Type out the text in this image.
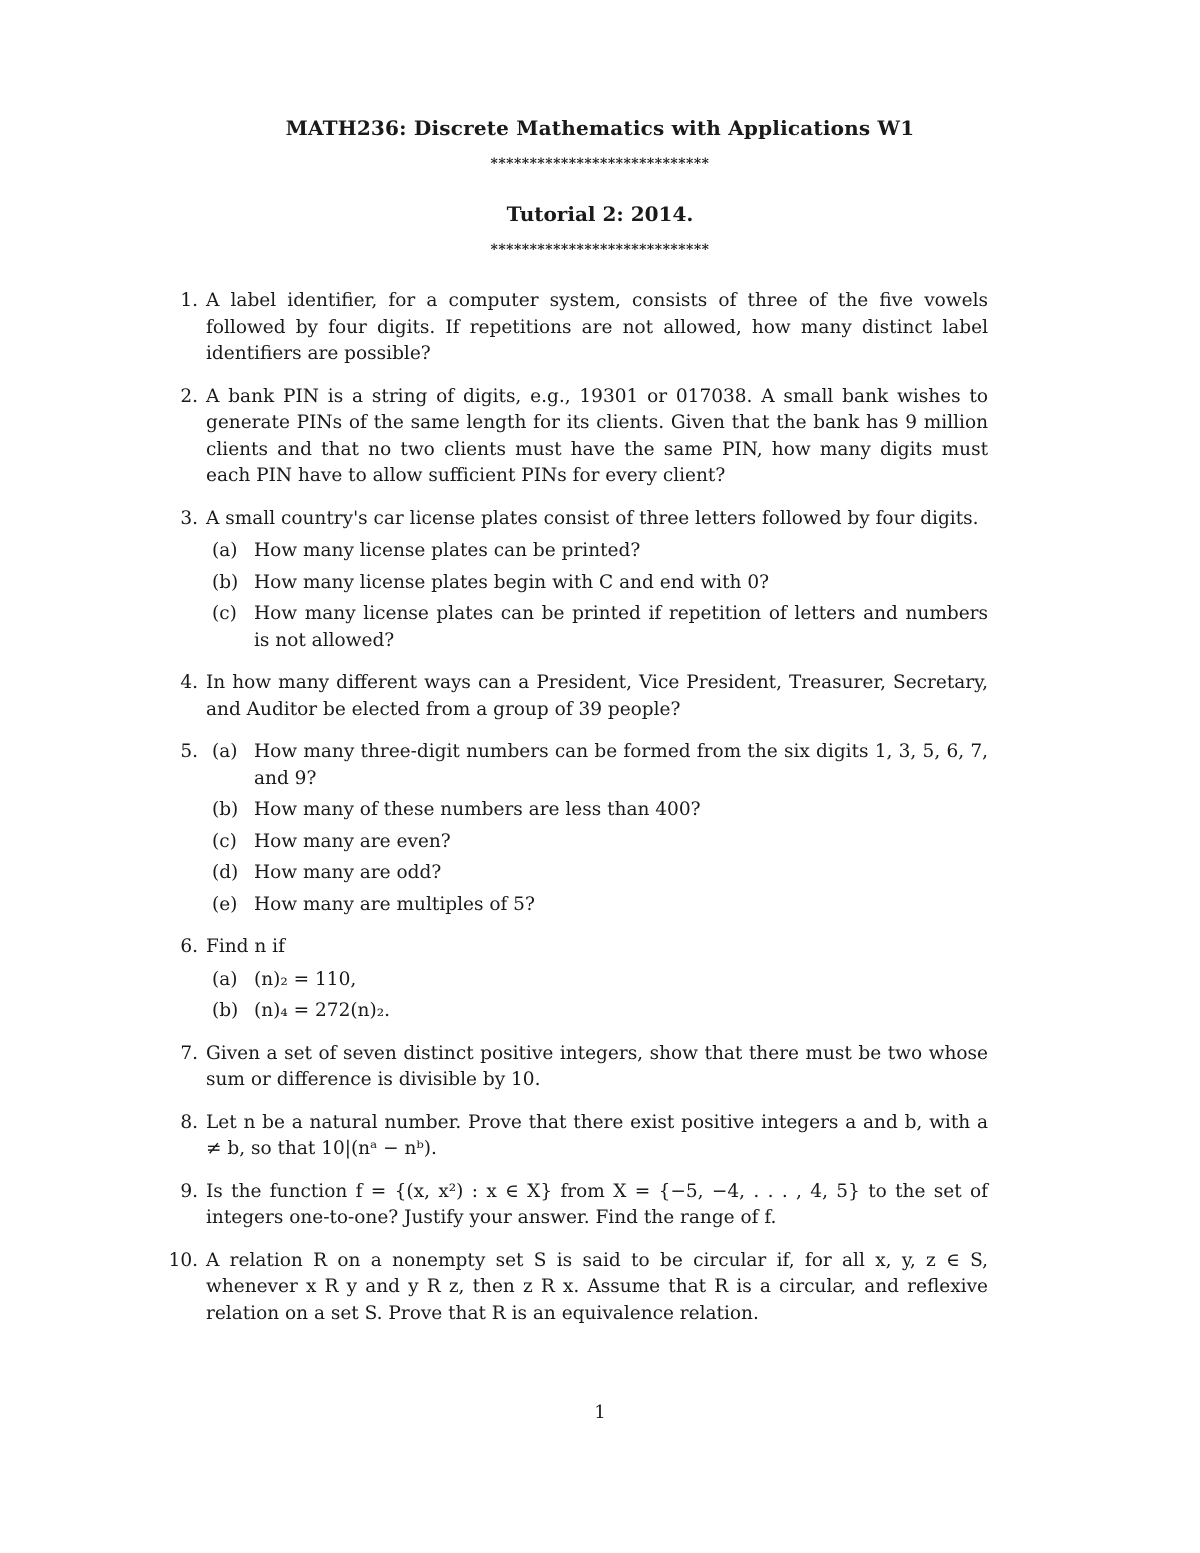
MATH236: Discrete Mathematics with Applications W1
****************************
Tutorial 2: 2014.
****************************
1. A label identifier, for a computer system, consists of three of the five vowels followed by four digits. If repetitions are not allowed, how many distinct label identifiers are possible?
2. A bank PIN is a string of digits, e.g., 19301 or 017038. A small bank wishes to generate PINs of the same length for its clients. Given that the bank has 9 million clients and that no two clients must have the same PIN, how many digits must each PIN have to allow sufficient PINs for every client?
3. A small country's car license plates consist of three letters followed by four digits.
(a) How many license plates can be printed?
(b) How many license plates begin with C and end with 0?
(c) How many license plates can be printed if repetition of letters and numbers is not allowed?
4. In how many different ways can a President, Vice President, Treasurer, Secretary, and Auditor be elected from a group of 39 people?
5. (a) How many three-digit numbers can be formed from the six digits 1, 3, 5, 6, 7, and 9?
(b) How many of these numbers are less than 400?
(c) How many are even?
(d) How many are odd?
(e) How many are multiples of 5?
6. Find n if
(a) (n)₂ = 110,
(b) (n)₄ = 272(n)₂.
7. Given a set of seven distinct positive integers, show that there must be two whose sum or difference is divisible by 10.
8. Let n be a natural number. Prove that there exist positive integers a and b, with a ≠ b, so that 10|(nᵃ − nᵇ).
9. Is the function f = {(x, x²) : x ∈ X} from X = {−5, −4, . . . , 4, 5} to the set of integers one-to-one? Justify your answer. Find the range of f.
10. A relation R on a nonempty set S is said to be circular if, for all x, y, z ∈ S, whenever x R y and y R z, then z R x. Assume that R is a circular, and reflexive relation on a set S. Prove that R is an equivalence relation.
1
